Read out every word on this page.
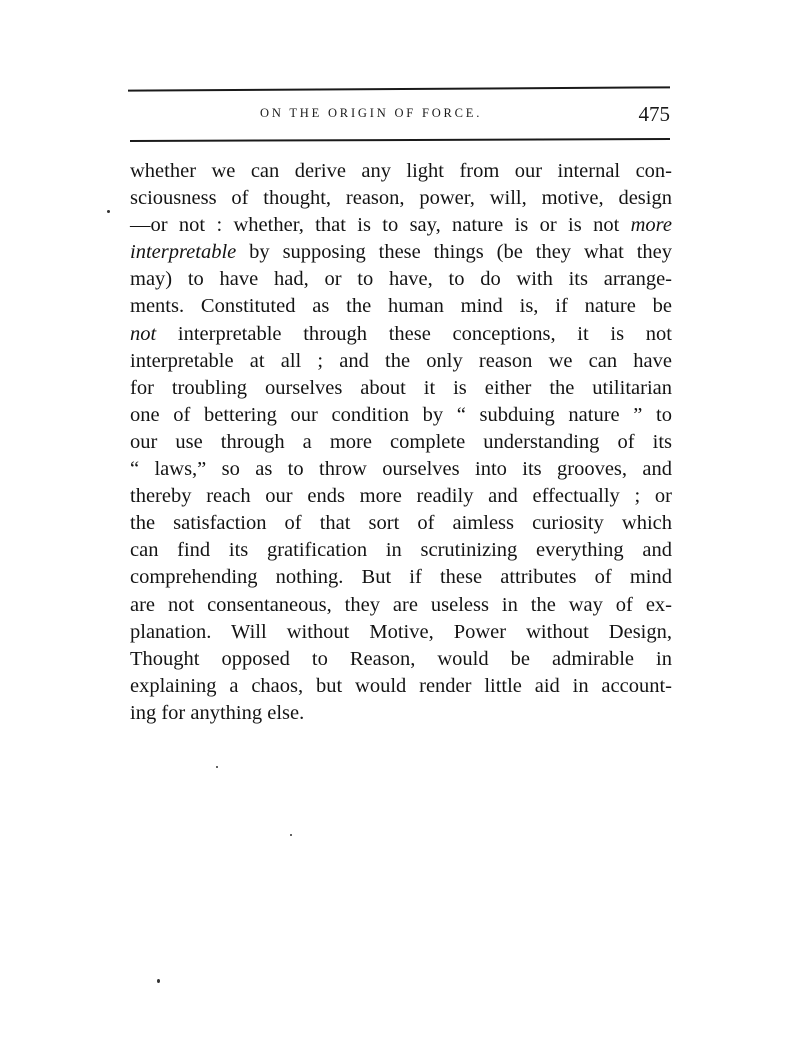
ON THE ORIGIN OF FORCE.	475
whether we can derive any light from our internal con-
sciousness of thought, reason, power, will, motive, design
—or not : whether, that is to say, nature is or is not more
interpretable by supposing these things (be they what they
may) to have had, or to have, to do with its arrange-
ments. Constituted as the human mind is, if nature be
not interpretable through these conceptions, it is not
interpretable at all ; and the only reason we can have
for troubling ourselves about it is either the utilitarian
one of bettering our condition by “ subduing nature ” to
our use through a more complete understanding of its
“ laws,” so as to throw ourselves into its grooves, and
thereby reach our ends more readily and effectually ; or
the satisfaction of that sort of aimless curiosity which
can find its gratification in scrutinizing everything and
comprehending nothing. But if these attributes of mind
are not consentaneous, they are useless in the way of ex-
planation. Will without Motive, Power without Design,
Thought opposed to Reason, would be admirable in
explaining a chaos, but would render little aid in account-
ing for anything else.
